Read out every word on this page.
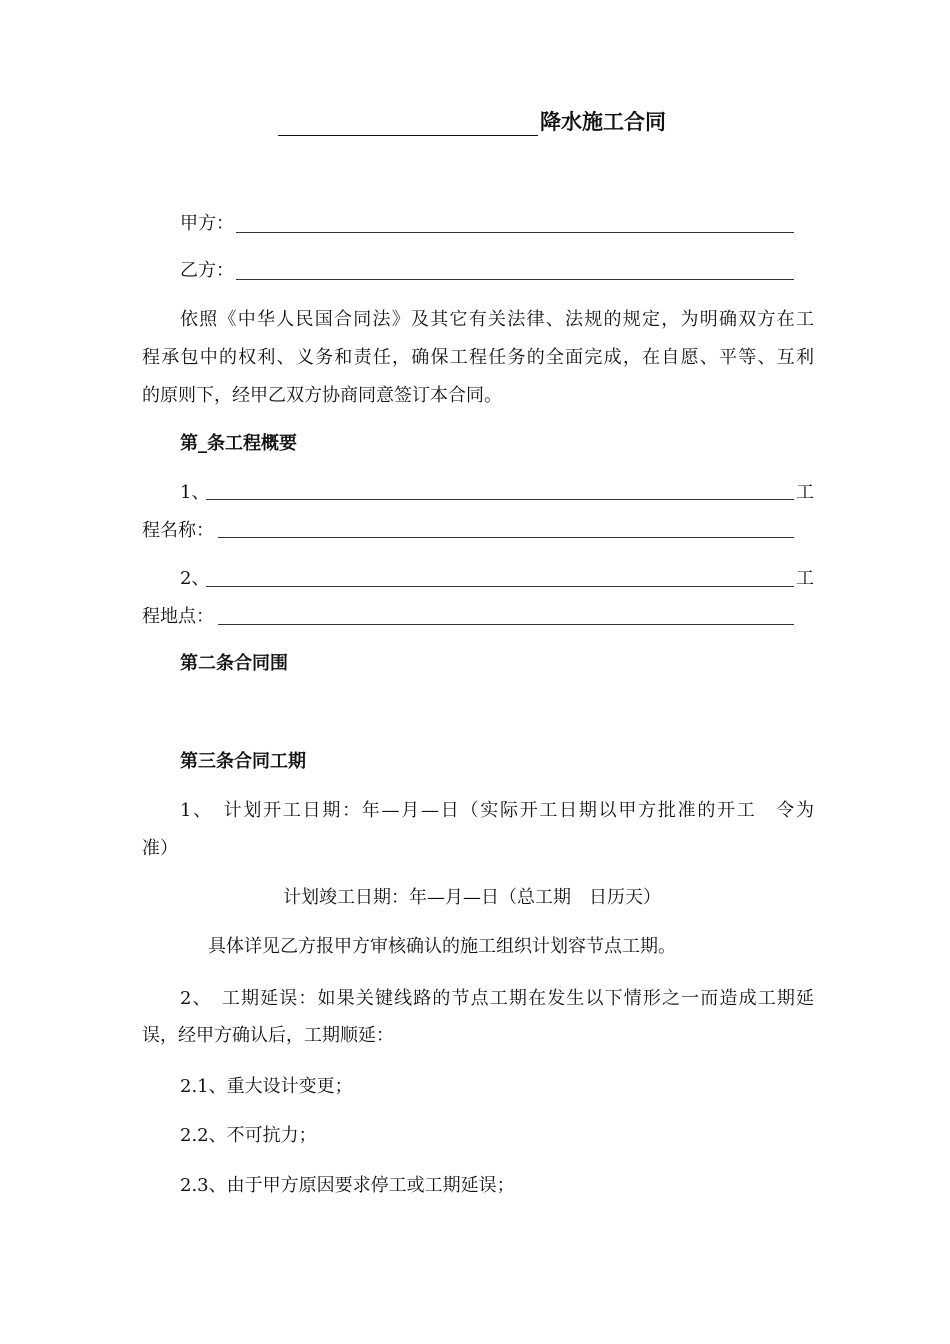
降水施工合同
甲方：
乙方：
依照《中华人民国合同法》及其它有关法律、法规的规定，为明确双方在工
程承包中的权利、义务和责任，确保工程任务的全面完成，在自愿、平等、互利
的原则下，经甲乙双方协商同意签订本合同。
第_条工程概要
1、	工
程名称：
2、	工
程地点：
第二条合同围
第三条合同工期
1、　计划开工日期：年—月—日（实际开工日期以甲方批准的开工　令为
准）
计划竣工日期：年—月—日（总工期　日历天）
具体详见乙方报甲方审核确认的施工组织计划容节点工期。
2、　工期延误：如果关键线路的节点工期在发生以下情形之一而造成工期延
误，经甲方确认后，工期顺延：
2.1、重大设计变更；
2.2、不可抗力；
2.3、由于甲方原因要求停工或工期延误；
